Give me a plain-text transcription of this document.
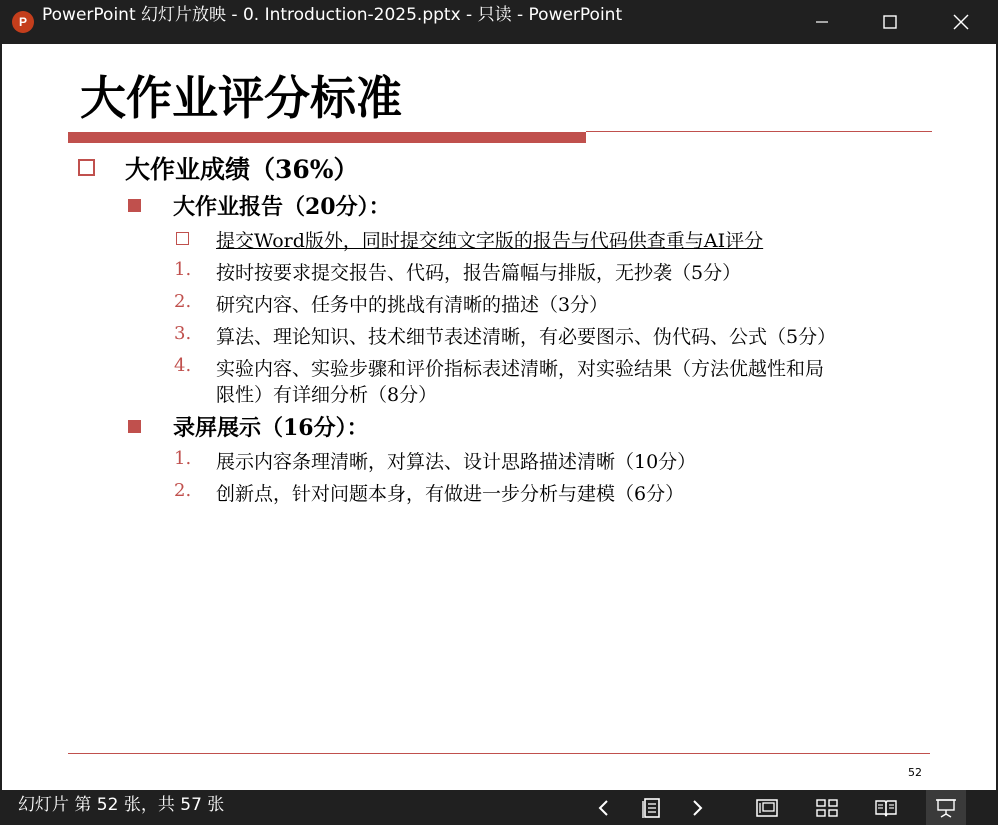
P PowerPoint 幻灯片放映 - 0. Introduction-2025.pptx - 只读 - PowerPoint
大作业评分标准
大作业成绩（36%）
大作业报告（20分）：
提交Word版外，同时提交纯文字版的报告与代码供查重与AI评分
1. 按时按要求提交报告、代码，报告篇幅与排版，无抄袭（5分）
2. 研究内容、任务中的挑战有清晰的描述（3分）
3. 算法、理论知识、技术细节表述清晰，有必要图示、伪代码、公式（5分）
4. 实验内容、实验步骤和评价指标表述清晰，对实验结果（方法优越性和局
限性）有详细分析（8分）
录屏展示（16分）：
1. 展示内容条理清晰，对算法、设计思路描述清晰（10分）
2. 创新点，针对问题本身，有做进一步分析与建模（6分）
52
幻灯片 第 52 张，共 57 张
